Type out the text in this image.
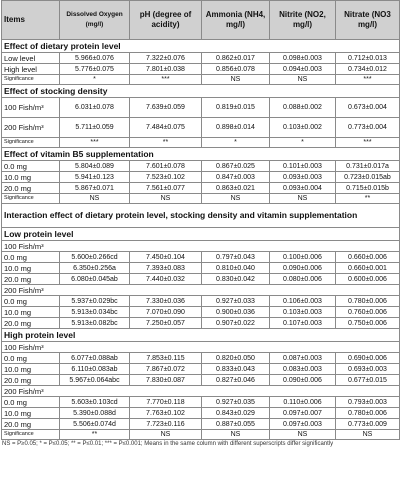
Items	Dissolved Oxygen (mg/l)	pH (degree of acidity)	Ammonia (NH4, mg/l)	Nitrite (NO2, mg/l)	Nitrate (NO3 mg/l)
Effect of dietary protein level					
Low level	5.966±0.076	7.322±0.076	0.862±0.017	0.098±0.003	0.712±0.013
High level	5.776±0.075	7.801±0.038	0.856±0.078	0.094±0.003	0.734±0.012
Significance	*	***	NS	NS	***
Effect of stocking density					
100 Fish/m³	6.031±0.078	7.639±0.059	0.819±0.015	0.088±0.002	0.673±0.004
200 Fish/m³	5.711±0.059	7.484±0.075	0.898±0.014	0.103±0.002	0.773±0.004
Significance	***	**	*	*	***
Effect of vitamin B5 supplementation					
0.0 mg	5.804±0.089	7.601±0.078	0.867±0.025	0.101±0.003	0.731±0.017a
10.0 mg	5.941±0.123	7.523±0.102	0.847±0.003	0.093±0.003	0.723±0.015ab
20.0 mg	5.867±0.071	7.561±0.077	0.863±0.021	0.093±0.004	0.715±0.015b
Significance	NS	NS	NS	NS	**
Interaction effect of dietary protein level, stocking density and vitamin supplementation					
Low protein level					
100 Fish/m³					
0.0 mg	5.600±0.266cd	7.450±0.104	0.797±0.043	0.100±0.006	0.660±0.006
10.0 mg	6.350±0.256a	7.393±0.083	0.810±0.040	0.090±0.006	0.660±0.001
20.0 mg	6.080±0.045ab	7.440±0.032	0.830±0.042	0.080±0.006	0.600±0.006
200 Fish/m³					
0.0 mg	5.937±0.029bc	7.330±0.036	0.927±0.033	0.106±0.003	0.780±0.006
10.0 mg	5.913±0.034bc	7.070±0.090	0.900±0.036	0.103±0.003	0.760±0.006
20.0 mg	5.913±0.082bc	7.250±0.057	0.907±0.022	0.107±0.003	0.750±0.006
High protein level					
100 Fish/m³					
0.0 mg	6.077±0.088ab	7.853±0.115	0.820±0.050	0.087±0.003	0.690±0.006
10.0 mg	6.110±0.083ab	7.867±0.072	0.833±0.043	0.083±0.003	0.693±0.003
20.0 mg	5.967±0.064abc	7.830±0.087	0.827±0.046	0.090±0.006	0.677±0.015
200 Fish/m³					
0.0 mg	5.603±0.103cd	7.770±0.118	0.927±0.035	0.110±0.006	0.793±0.003
10.0 mg	5.390±0.088d	7.763±0.102	0.843±0.029	0.097±0.007	0.780±0.006
20.0 mg	5.506±0.074d	7.723±0.116	0.887±0.055	0.097±0.003	0.773±0.009
Significance	**	NS	NS	NS	NS
NS = P≥0.05; * = P≤0.05; ** = P≤0.01; *** = P≤0.001; Means in the same column with different superscripts differ significantly
